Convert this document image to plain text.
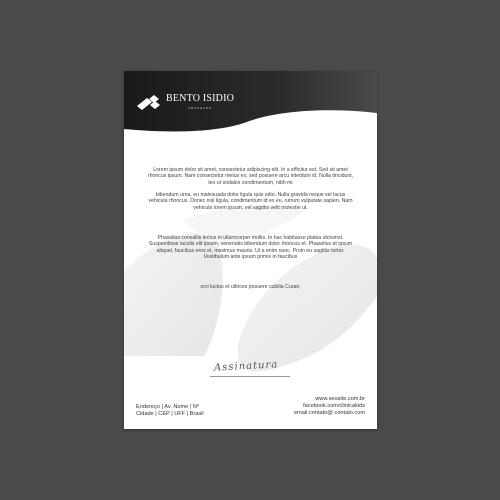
BENTO ISIDIO
ADVOGADO
Lorem ipsum dolor sit amet, consectetur adipiscing elit. In a efficitur est. Sed sit amet rhoncus ipsum. Nam consectetur metus ex, sed posuere arcu interdum id. Nulla tincidunt, leo ut sodales condimentum, nibh mi
bibendum urna, eu malesuada dolor ligula quis odio. Nulla gravida neque vel lacus vehicula rhoncus. Donec nisl ligula, condimentum id ex eu, rutrum vulputate sapien. Nam vehicula lorem ipsum, vel sagittis velit molestie ut.
Phasellus convallis lectus in ullamcorper mollis. In hac habitasse platea dictumst. Suspendisse iaculis elit ipsum, venenatis bibendum dolor rhoncus et. Phasellus et ipsum aliquet, faucibus eros et, maximus mauris. Ut a enim nunc. Proin eu sagittis tortor. Vestibulum ante ipsum primis in faucibus
orci luctus et ultrices posuere cubilia Curae;
Assinatura
Endereço | Av. Nome | Nº
Cidade | CEP | UFF | Brasil
www.seusite.com.br
facebook.com/clinicakids
email.contato@ contato.com
